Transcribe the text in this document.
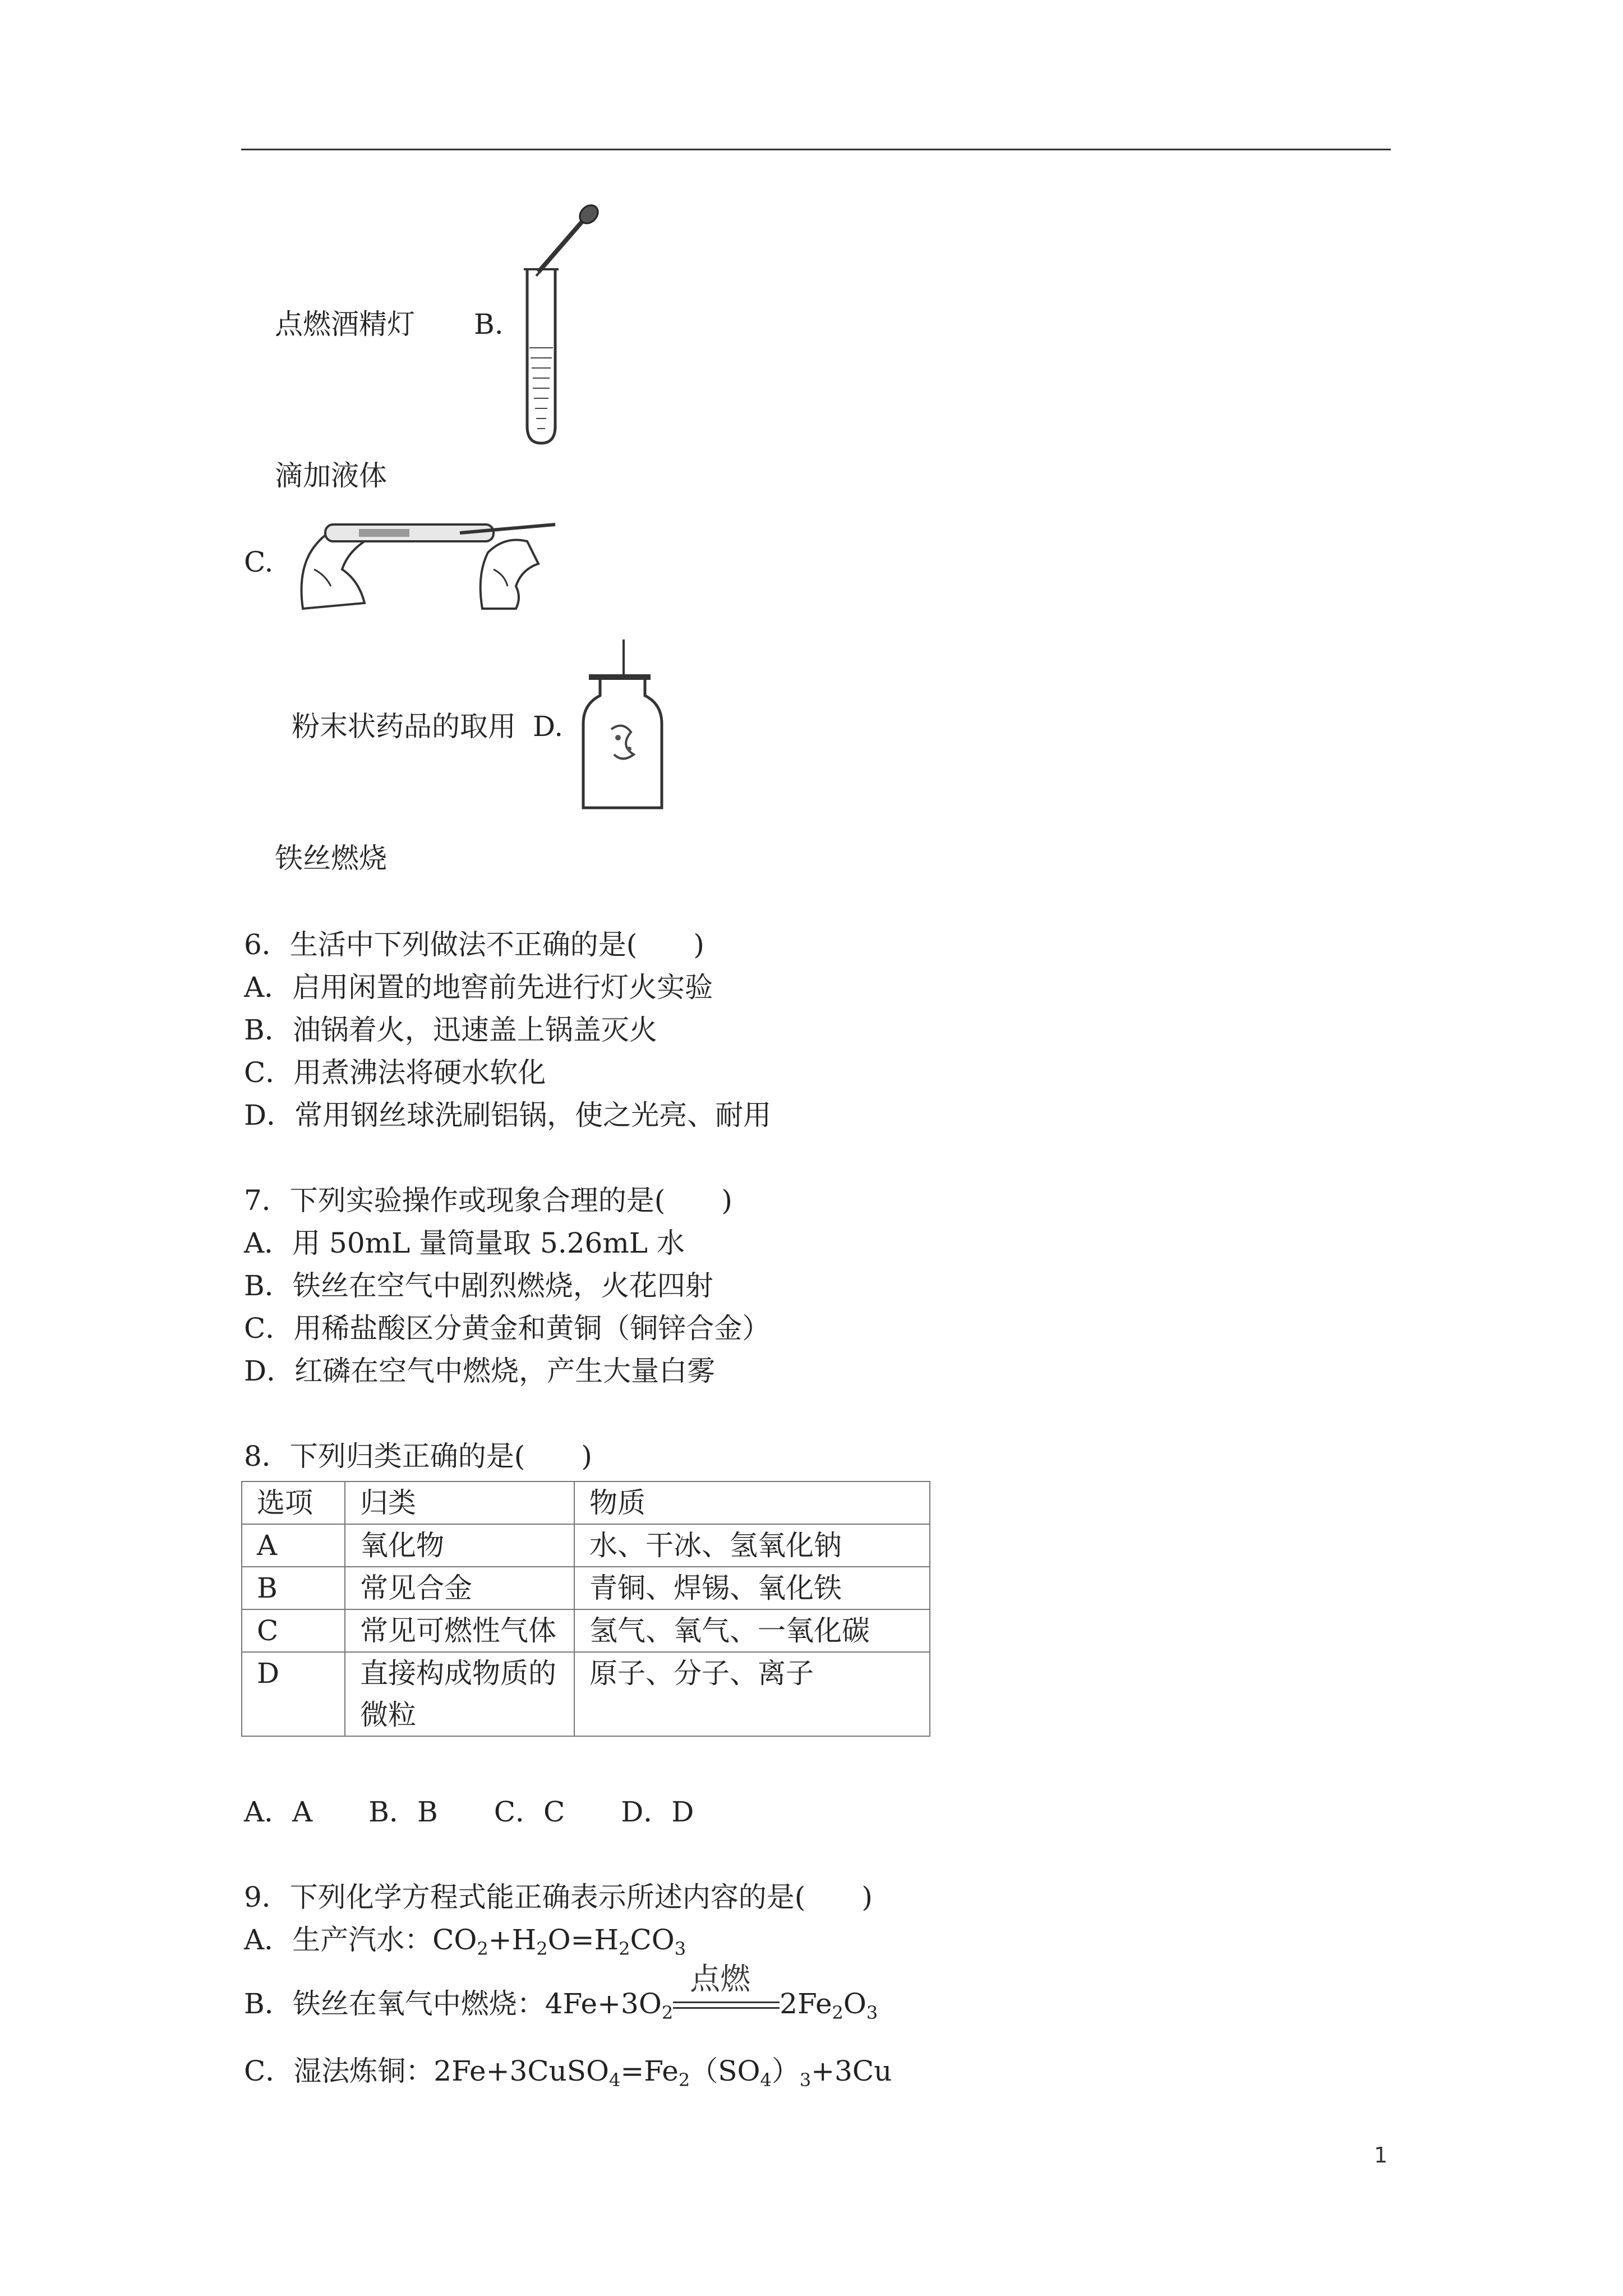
点燃酒精灯 B.
滴加液体
C.
粉末状药品的取用 D.
铁丝燃烧
6．生活中下列做法不正确的是(　　)
A．启用闲置的地窖前先进行灯火实验
B．油锅着火，迅速盖上锅盖灭火
C．用煮沸法将硬水软化
D．常用钢丝球洗刷铝锅，使之光亮、耐用
7．下列实验操作或现象合理的是(　　)
A．用 50mL 量筒量取 5.26mL 水
B．铁丝在空气中剧烈燃烧，火花四射
C．用稀盐酸区分黄金和黄铜（铜锌合金）
D．红磷在空气中燃烧，产生大量白雾
8．下列归类正确的是(　　)
选项	归类	物质
A	氧化物	水、干冰、氢氧化钠
B	常见合金	青铜、焊锡、氧化铁
C	常见可燃性气体	氢气、氧气、一氧化碳
D	直接构成物质的微粒	原子、分子、离子
A．A　　B．B　　C．C　　D．D
9．下列化学方程式能正确表示所述内容的是(　　)
A．生产汽水：$CO_2+H_2O=H_2CO_3$
B．铁丝在氧气中燃烧：$4Fe+3O_2$
点燃
$2Fe_2O_3$
C．湿法炼铜：$2Fe+3CuSO_4=Fe_2(SO_4)_3+3Cu$
1
